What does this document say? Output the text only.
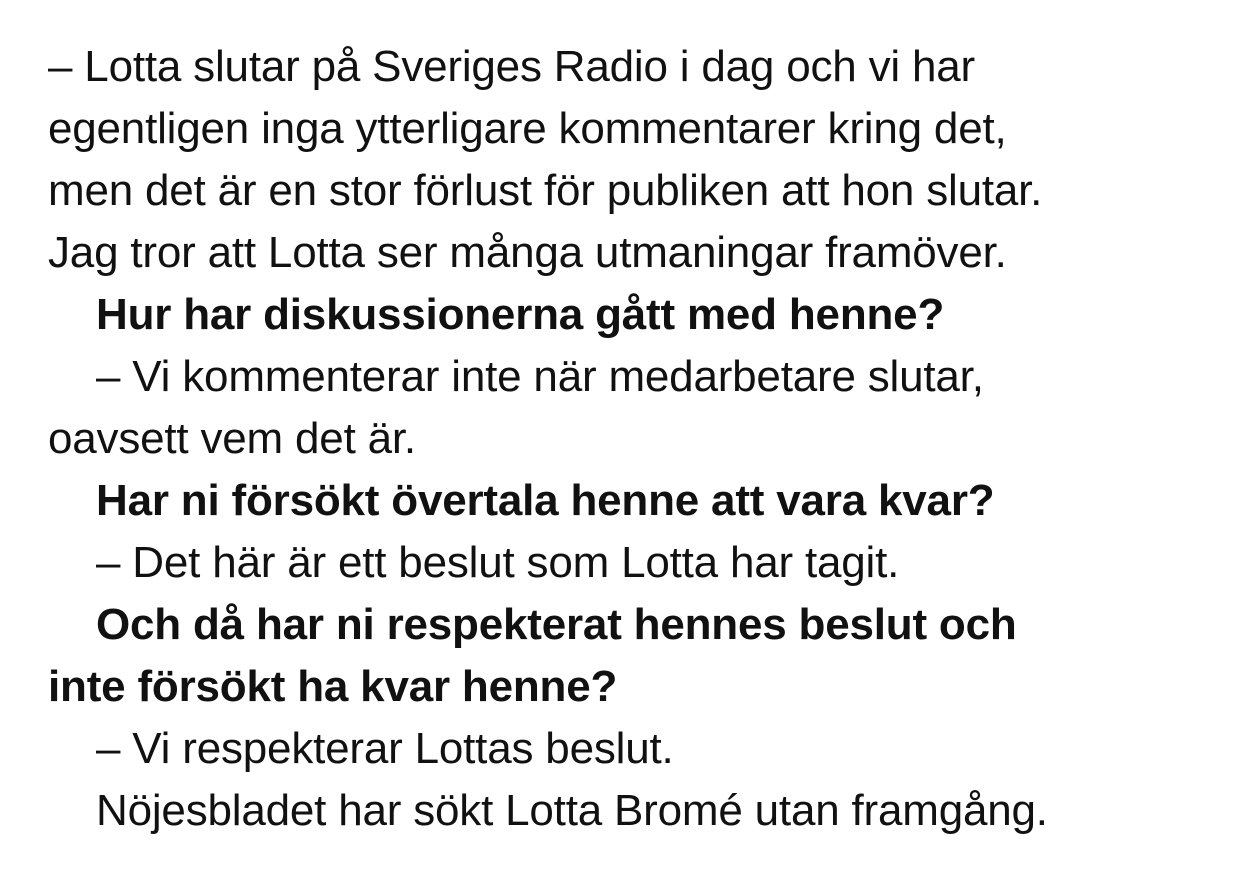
– Lotta slutar på Sveriges Radio i dag och vi har

egentligen inga ytterligare kommentarer kring det,

men det är en stor förlust för publiken att hon slutar.

Jag tror att Lotta ser många utmaningar framöver.

Hur har diskussionerna gått med henne?

– Vi kommenterar inte när medarbetare slutar,

oavsett vem det är.

Har ni försökt övertala henne att vara kvar?

– Det här är ett beslut som Lotta har tagit.

Och då har ni respekterat hennes beslut och

inte försökt ha kvar henne?

– Vi respekterar Lottas beslut.

Nöjesbladet har sökt Lotta Bromé utan framgång.
